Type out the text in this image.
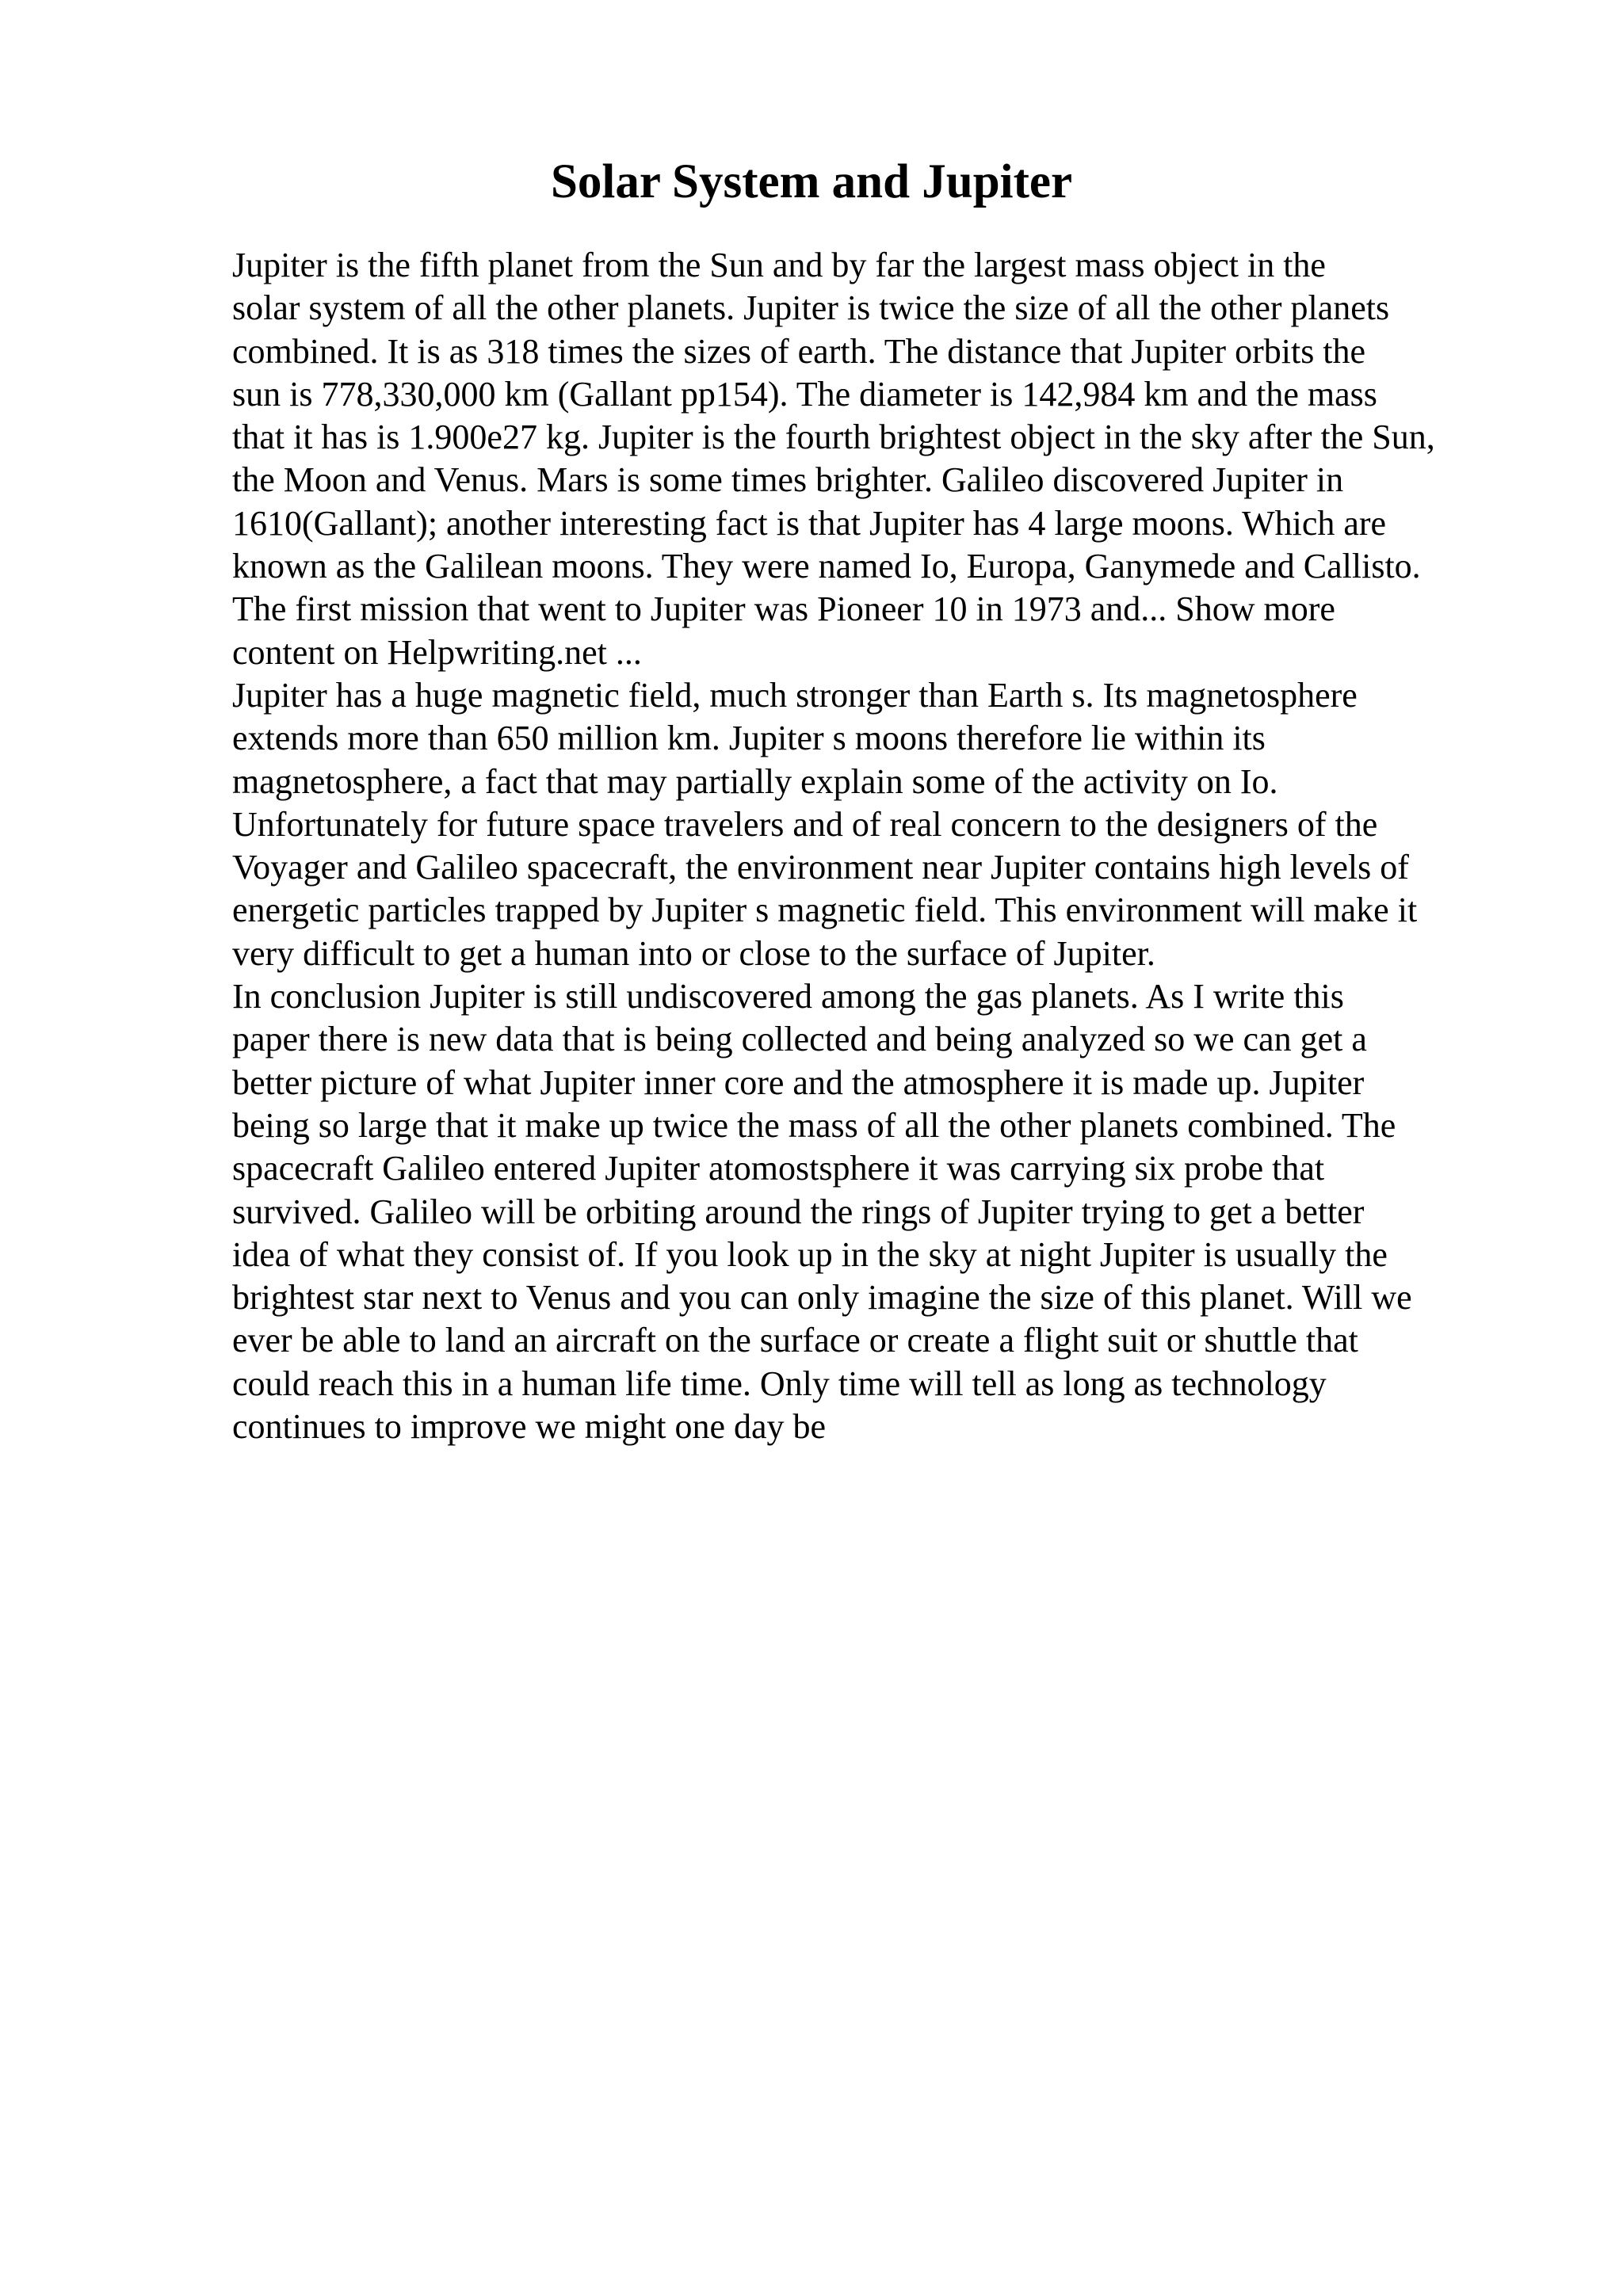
Solar System and Jupiter
Jupiter is the fifth planet from the Sun and by far the largest mass object in the
solar system of all the other planets. Jupiter is twice the size of all the other planets
combined. It is as 318 times the sizes of earth. The distance that Jupiter orbits the
sun is 778,330,000 km (Gallant pp154). The diameter is 142,984 km and the mass
that it has is 1.900e27 kg. Jupiter is the fourth brightest object in the sky after the Sun,
the Moon and Venus. Mars is some times brighter. Galileo discovered Jupiter in
1610(Gallant); another interesting fact is that Jupiter has 4 large moons. Which are
known as the Galilean moons. They were named Io, Europa, Ganymede and Callisto.
The first mission that went to Jupiter was Pioneer 10 in 1973 and... Show more
content on Helpwriting.net ...
Jupiter has a huge magnetic field, much stronger than Earth s. Its magnetosphere
extends more than 650 million km. Jupiter s moons therefore lie within its
magnetosphere, a fact that may partially explain some of the activity on Io.
Unfortunately for future space travelers and of real concern to the designers of the
Voyager and Galileo spacecraft, the environment near Jupiter contains high levels of
energetic particles trapped by Jupiter s magnetic field. This environment will make it
very difficult to get a human into or close to the surface of Jupiter.
In conclusion Jupiter is still undiscovered among the gas planets. As I write this
paper there is new data that is being collected and being analyzed so we can get a
better picture of what Jupiter inner core and the atmosphere it is made up. Jupiter
being so large that it make up twice the mass of all the other planets combined. The
spacecraft Galileo entered Jupiter atomostsphere it was carrying six probe that
survived. Galileo will be orbiting around the rings of Jupiter trying to get a better
idea of what they consist of. If you look up in the sky at night Jupiter is usually the
brightest star next to Venus and you can only imagine the size of this planet. Will we
ever be able to land an aircraft on the surface or create a flight suit or shuttle that
could reach this in a human life time. Only time will tell as long as technology
continues to improve we might one day be
